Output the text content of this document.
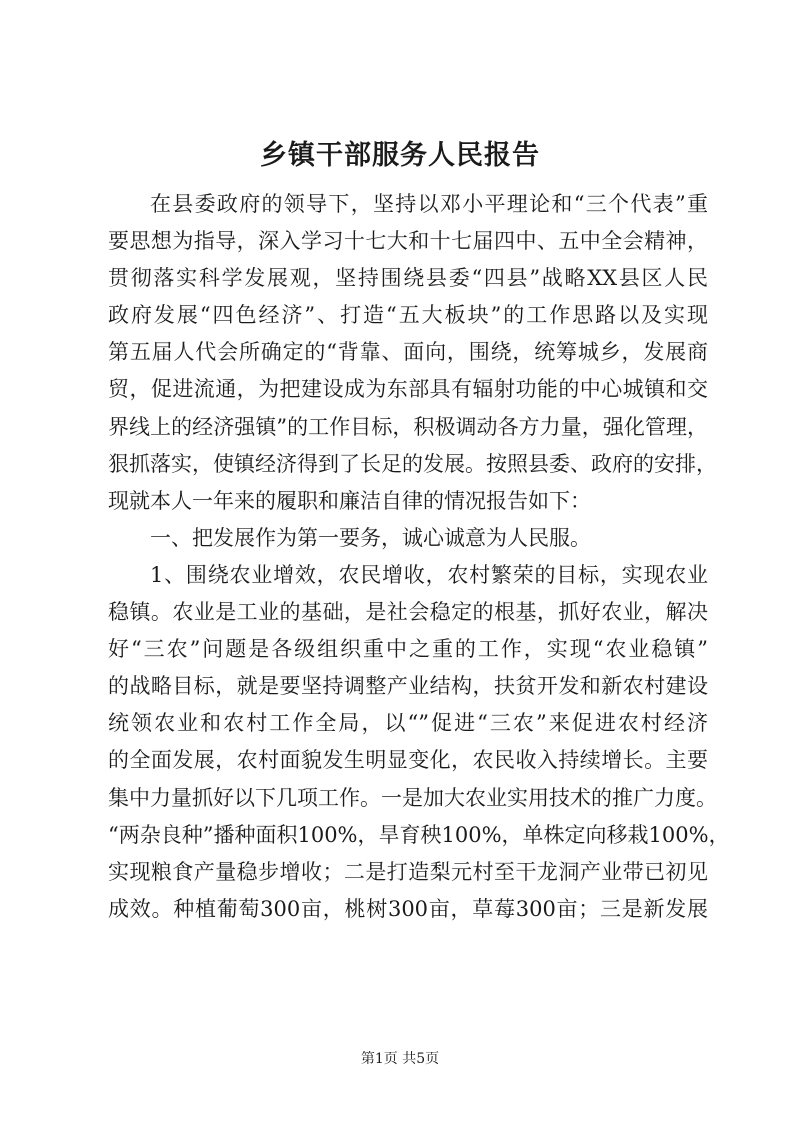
乡镇干部服务人民报告
在县委政府的领导下，坚持以邓小平理论和“三个代表”重
要思想为指导，深入学习十七大和十七届四中、五中全会精神，
贯彻落实科学发展观，坚持围绕县委“四县”战略XX县区人民
政府发展“四色经济”、打造“五大板块”的工作思路以及实现
第五届人代会所确定的“背靠、面向，围绕，统筹城乡，发展商
贸，促进流通，为把建设成为东部具有辐射功能的中心城镇和交
界线上的经济强镇”的工作目标，积极调动各方力量，强化管理，
狠抓落实，使镇经济得到了长足的发展。按照县委、政府的安排，
现就本人一年来的履职和廉洁自律的情况报告如下：
一、把发展作为第一要务，诚心诚意为人民服。
1、围绕农业增效，农民增收，农村繁荣的目标，实现农业
稳镇。农业是工业的基础，是社会稳定的根基，抓好农业，解决
好“三农”问题是各级组织重中之重的工作，实现“农业稳镇”
的战略目标，就是要坚持调整产业结构，扶贫开发和新农村建设
统领农业和农村工作全局，以“”促进“三农”来促进农村经济
的全面发展，农村面貌发生明显变化，农民收入持续增长。主要
集中力量抓好以下几项工作。一是加大农业实用技术的推广力度。
“两杂良种”播种面积100%，旱育秧100%，单株定向移栽100%，
实现粮食产量稳步增收；二是打造梨元村至干龙洞产业带已初见
成效。种植葡萄300亩，桃树300亩，草莓300亩；三是新发展
第1页 共5页
